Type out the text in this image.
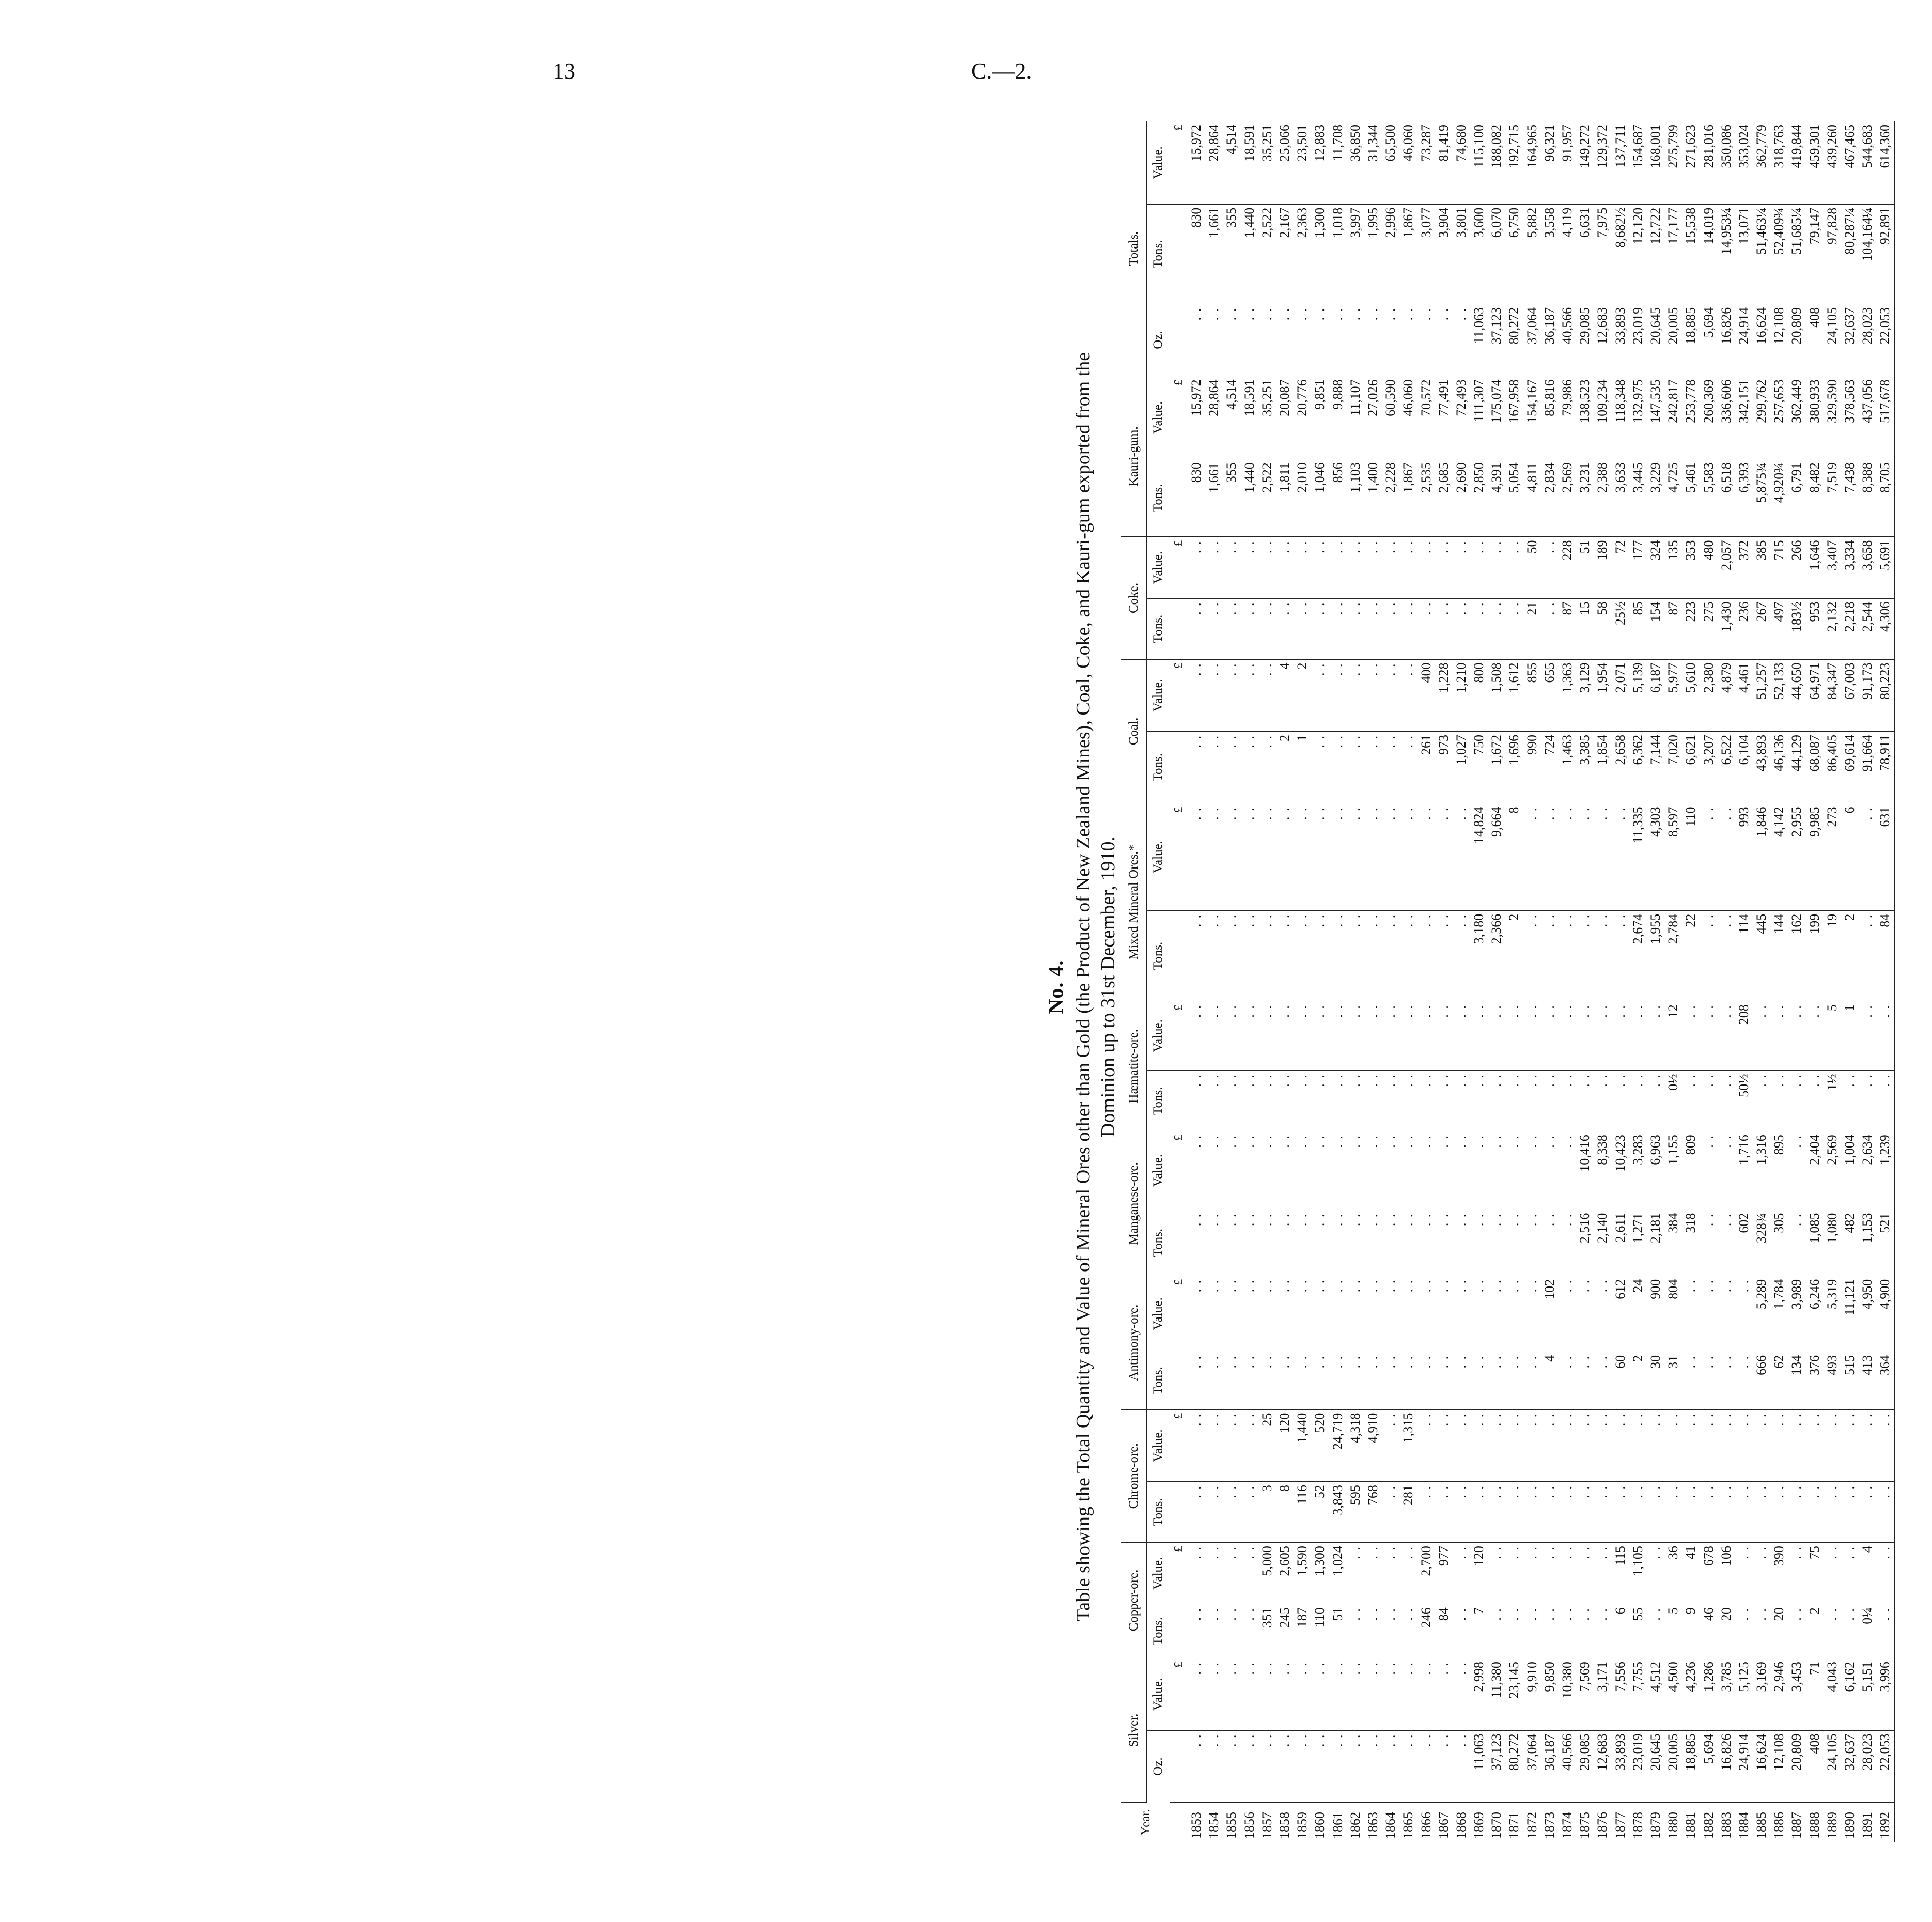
13	C.—2.

No. 4. Table showing the Total Quantity and Value of Mineral Ores other than Gold (the Product of New Zealand Mines), Coal, Coke, and Kauri-gum exported from the Dominion up to 31st December, 1910.

Year.	Silver.		Copper-ore.		Chrome-ore.		Antimony-ore.		Manganese-ore.		Hæmatite-ore.		Mixed Mineral Ores.*		Coal.		Coke.		Kauri-gum.		Totals.		
	Oz.	Value.	Tons.	Value.	Tons.	Value.	Tons.	Value.	Tons.	Value.	Tons.	Value.	Tons.	Value.	Tons.	Value.	Tons.	Value.	Tons.	Value.	Oz.	Tons.	Value.
		£		£		£		£		£		£		£		£		£		£			£
1853	. .	. .	. .	. .	. .	. .	. .	. .	. .	. .	. .	. .	. .	. .	. .	. .	. .	. .	830	15,972	. .	830	15,972
1854	. .	. .	. .	. .	. .	. .	. .	. .	. .	. .	. .	. .	. .	. .	. .	. .	. .	. .	1,661	28,864	. .	1,661	28,864
1855	. .	. .	. .	. .	. .	. .	. .	. .	. .	. .	. .	. .	. .	. .	. .	. .	. .	. .	355	4,514	. .	355	4,514
1856	. .	. .	. .	. .	. .	. .	. .	. .	. .	. .	. .	. .	. .	. .	. .	. .	. .	. .	1,440	18,591	. .	1,440	18,591
1857	. .	. .	351	5,000	3	25	. .	. .	. .	. .	. .	. .	. .	. .	. .	. .	. .	. .	2,522	35,251	. .	2,522	35,251
1858	. .	. .	245	2,605	8	120	. .	. .	. .	. .	. .	. .	. .	. .	2	4	. .	. .	1,811	20,087	. .	2,167	25,066
1859	. .	. .	187	1,590	116	1,440	. .	. .	. .	. .	. .	. .	. .	. .	1	2	. .	. .	2,010	20,776	. .	2,363	23,501
1860	. .	. .	110	1,300	52	520	. .	. .	. .	. .	. .	. .	. .	. .	. .	. .	. .	. .	1,046	9,851	. .	1,300	12,883
1861	. .	. .	51	1,024	3,843	24,719	. .	. .	. .	. .	. .	. .	. .	. .	. .	. .	. .	. .	856	9,888	. .	1,018	11,708
1862	. .	. .	. .	. .	595	4,318	. .	. .	. .	. .	. .	. .	. .	. .	. .	. .	. .	. .	1,103	11,107	. .	3,997	36,850
1863	. .	. .	. .	. .	768	4,910	. .	. .	. .	. .	. .	. .	. .	. .	. .	. .	. .	. .	1,400	27,026	. .	1,995	31,344
1864	. .	. .	. .	. .	. .	. .	. .	. .	. .	. .	. .	. .	. .	. .	. .	. .	. .	. .	2,228	60,590	. .	2,996	65,500
1865	. .	. .	. .	. .	281	1,315	. .	. .	. .	. .	. .	. .	. .	. .	. .	. .	. .	. .	1,867	46,060	. .	1,867	46,060
1866	. .	. .	246	2,700	. .	. .	. .	. .	. .	. .	. .	. .	. .	. .	261	400	. .	. .	2,535	70,572	. .	3,077	73,287
1867	. .	. .	84	977	. .	. .	. .	. .	. .	. .	. .	. .	. .	. .	973	1,228	. .	. .	2,685	77,491	. .	3,904	81,419
1868	. .	. .	. .	. .	. .	. .	. .	. .	. .	. .	. .	. .	. .	. .	1,027	1,210	. .	. .	2,690	72,493	. .	3,801	74,680
1869	11,063	2,998	7	120	. .	. .	. .	. .	. .	. .	. .	. .	3,180	14,824	750	800	. .	. .	2,850	111,307	11,063	3,600	115,100
1870	37,123	11,380	. .	. .	. .	. .	. .	. .	. .	. .	. .	. .	2,366	9,664	1,672	1,508	. .	. .	4,391	175,074	37,123	6,070	188,082
1871	80,272	23,145	. .	. .	. .	. .	. .	. .	. .	. .	. .	. .	2	8	1,696	1,612	. .	. .	5,054	167,958	80,272	6,750	192,715
1872	37,064	9,910	. .	. .	. .	. .	. .	. .	. .	. .	. .	. .	. .	. .	990	855	21	50	4,811	154,167	37,064	5,882	164,965
1873	36,187	9,850	. .	. .	. .	. .	4	102	. .	. .	. .	. .	. .	. .	724	655	. .	. .	2,834	85,816	36,187	3,558	96,321
1874	40,566	10,380	. .	. .	. .	. .	. .	. .	. .	. .	. .	. .	. .	. .	1,463	1,363	87	228	2,569	79,986	40,566	4,119	91,957
1875	29,085	7,569	. .	. .	. .	. .	. .	. .	2,516	10,416	. .	. .	. .	. .	3,385	3,129	15	51	3,231	138,523	29,085	6,631	149,272
1876	12,683	3,171	. .	. .	. .	. .	. .	. .	2,140	8,338	. .	. .	. .	. .	1,854	1,954	58	189	2,388	109,234	12,683	7,975	129,372
1877	33,893	7,556	6	115	. .	. .	60	612	2,611	10,423	. .	. .	. .	. .	2,658	2,071	25½	72	3,633	118,348	33,893	8,682½	137,711
1878	23,019	7,755	55	1,105	. .	. .	2	24	1,271	3,283	. .	. .	2,674	11,335	6,362	5,139	85	177	3,445	132,975	23,019	12,120	154,687
1879	20,645	4,512	. .	. .	. .	. .	30	900	2,181	6,963	. .	. .	1,955	4,303	7,144	6,187	154	324	3,229	147,535	20,645	12,722	168,001
1880	20,005	4,500	5	36	. .	. .	31	804	384	1,155	0½	12	2,784	8,597	7,020	5,977	87	135	4,725	242,817	20,005	17,177	275,799
1881	18,885	4,236	9	41	. .	. .	. .	. .	318	809	. .	. .	22	110	6,621	5,610	223	353	5,461	253,778	18,885	15,538	271,623
1882	5,694	1,286	46	678	. .	. .	. .	. .	. .	. .	. .	. .	. .	. .	3,207	2,380	275	480	5,583	260,369	5,694	14,019	281,016
1883	16,826	3,785	20	106	. .	. .	. .	. .	. .	. .	. .	. .	. .	. .	6,522	4,879	1,430	2,057	6,518	336,606	16,826	14,953¼	350,086
1884	24,914	5,125	. .	. .	. .	. .	. .	. .	602	1,716	50½	208	114	993	6,104	4,461	236	372	6,393	342,151	24,914	13,071	353,024
1885	16,624	3,169	. .	. .	. .	. .	666	5,289	328¾	1,316	. .	. .	445	1,846	43,893	51,257	267	385	5,875¾	299,762	16,624	51,463¼	362,779
1886	12,108	2,946	20	390	. .	. .	62	1,784	305	895	. .	. .	144	4,142	46,136	52,133	497	715	4,920¾	257,653	12,108	52,409¾	318,763
1887	20,809	3,453	. .	. .	. .	. .	134	3,989	. .	. .	. .	. .	162	2,955	44,129	44,650	183½	266	6,791	362,449	20,809	51,685¼	419,844
1888	408	71	2	75	. .	. .	376	6,246	1,085	2,404	. .	. .	199	9,985	68,087	64,971	953	1,646	8,482	380,933	408	79,147	459,301
1889	24,105	4,043	. .	. .	. .	. .	493	5,319	1,080	2,569	1½	5	19	273	86,405	84,347	2,132	3,407	7,519	329,590	24,105	97,828	439,260
1890	32,637	6,162	. .	. .	. .	. .	515	11,121	482	1,004	. .	1	2	6	69,614	67,003	2,218	3,334	7,438	378,563	32,637	80,287¼	467,465
1891	28,023	5,151	0¼	4	. .	. .	413	4,950	1,153	2,634	. .	. .	. .	. .	91,664	91,173	2,544	3,658	8,388	437,056	28,023	104,164¼	544,683
1892	22,053	3,996	. .	. .	. .	. .	364	4,900	521	1,239	. .	. .	84	631	78,911	80,223	4,306	5,691	8,705	517,678	22,053	92,891	614,360
